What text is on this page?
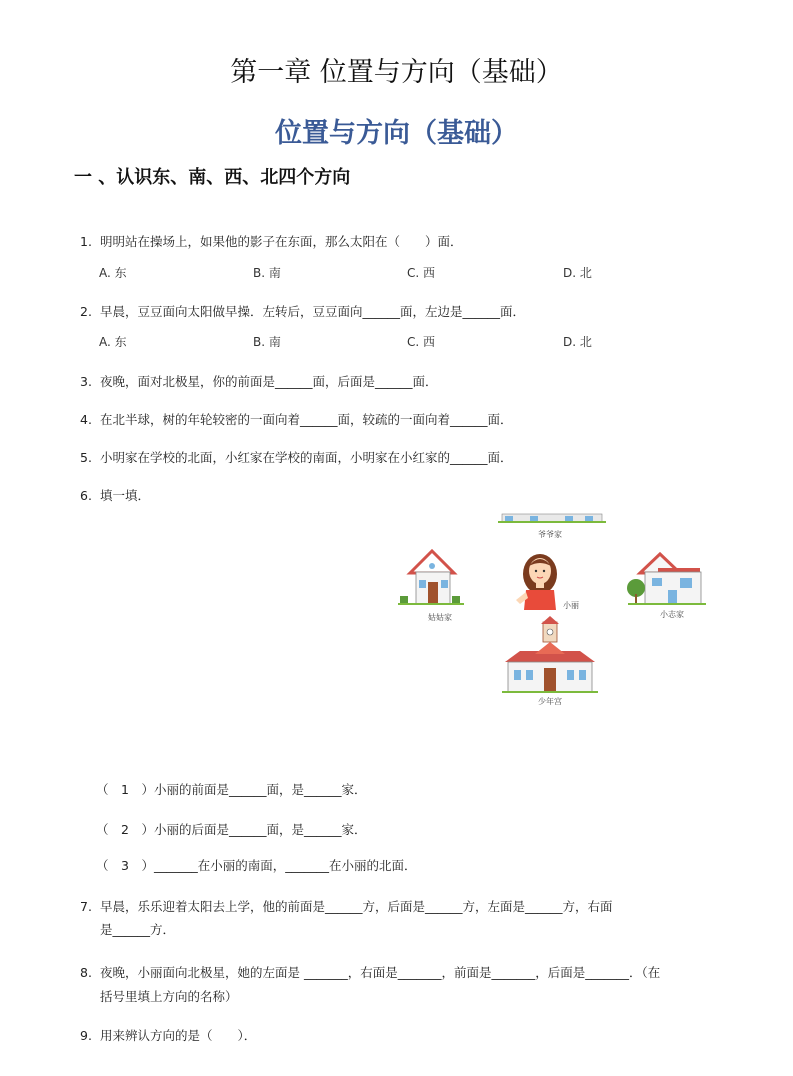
第一章 位置与方向（基础）
位置与方向（基础）
一 、认识东、南、西、北四个方向
1. 明明站在操场上，如果他的影子在东面，那么太阳在（　　）面．
A. 东	B. 南	C. 西	D. 北
2. 早晨，豆豆面向太阳做早操．左转后，豆豆面向______面，左边是______面．
A. 东	B. 南	C. 西	D. 北
3. 夜晚，面对北极星，你的前面是______面，后面是______面．
4. 在北半球，树的年轮较密的一面向着______面，较疏的一面向着______面．
5. 小明家在学校的北面，小红家在学校的南面，小明家在小红家的______面．
6. 填一填．
爷爷家
姑姑家
小丽
小志家
少年宫
（　1　）小丽的前面是______面，是______家．
（　2　）小丽的后面是______面，是______家．
（　3　）_______在小丽的南面，_______在小丽的北面．
7. 早晨，乐乐迎着太阳去上学，他的前面是______方，后面是______方，左面是______方，右面
是______方．
8. 夜晚，小丽面向北极星，她的左面是 _______，右面是_______，前面是_______，后面是_______．（在
括号里填上方向的名称）
9. 用来辨认方向的是（　　）．
